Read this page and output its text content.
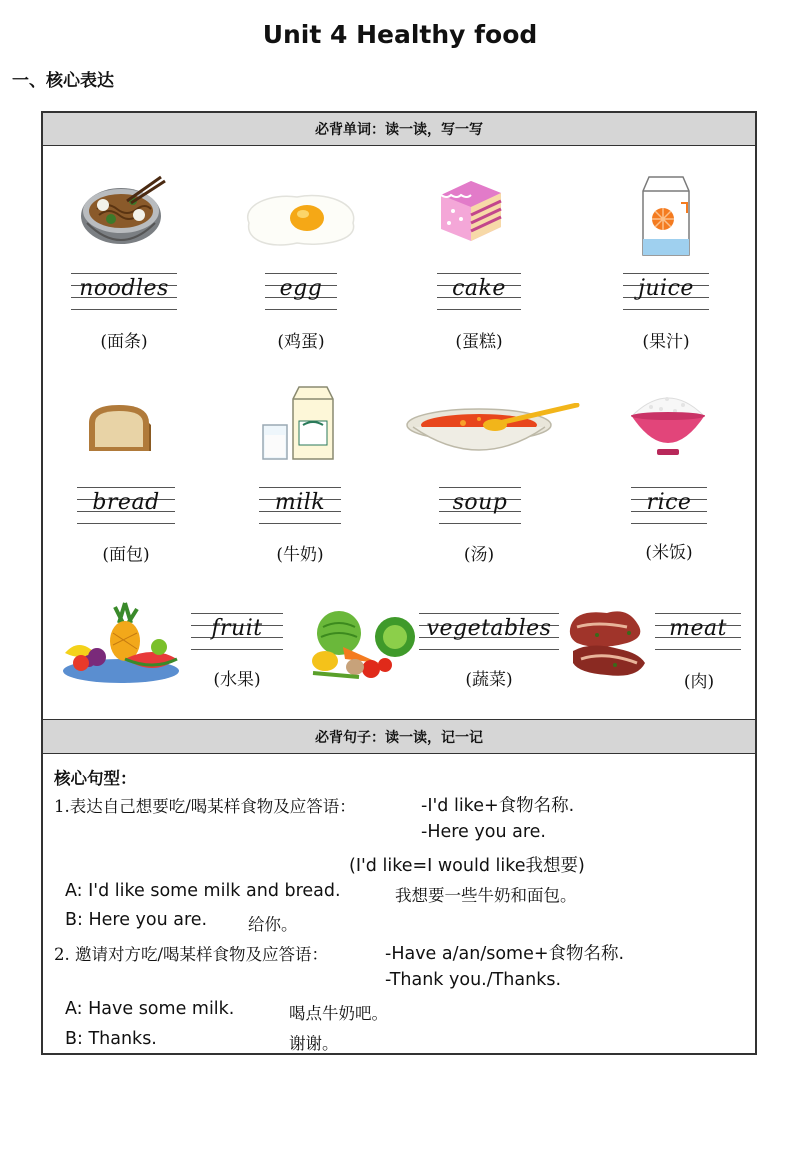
Unit 4 Healthy food
一、核心表达
必背单词：读一读，写一写
noodles
(面条)
egg
(鸡蛋)
cake
(蛋糕)
juice
(果汁)
bread
(面包)
milk
(牛奶)
soup
(汤)
rice
(米饭)
fruit
(水果)
vegetables
(蔬菜)
meat
(肉)
必背句子：读一读，记一记
核心句型：
1.表达自己想要吃/喝某样食物及应答语：	-I'd like+食物名称.
-Here you are.
(I'd like=I would like我想要)
A: I'd like some milk and bread.	我想要一些牛奶和面包。
B: Here you are. 给你。
2. 邀请对方吃/喝某样食物及应答语：	-Have a/an/some+食物名称.
-Thank you./Thanks.
A: Have some milk.	喝点牛奶吧。
B: Thanks.	谢谢。
